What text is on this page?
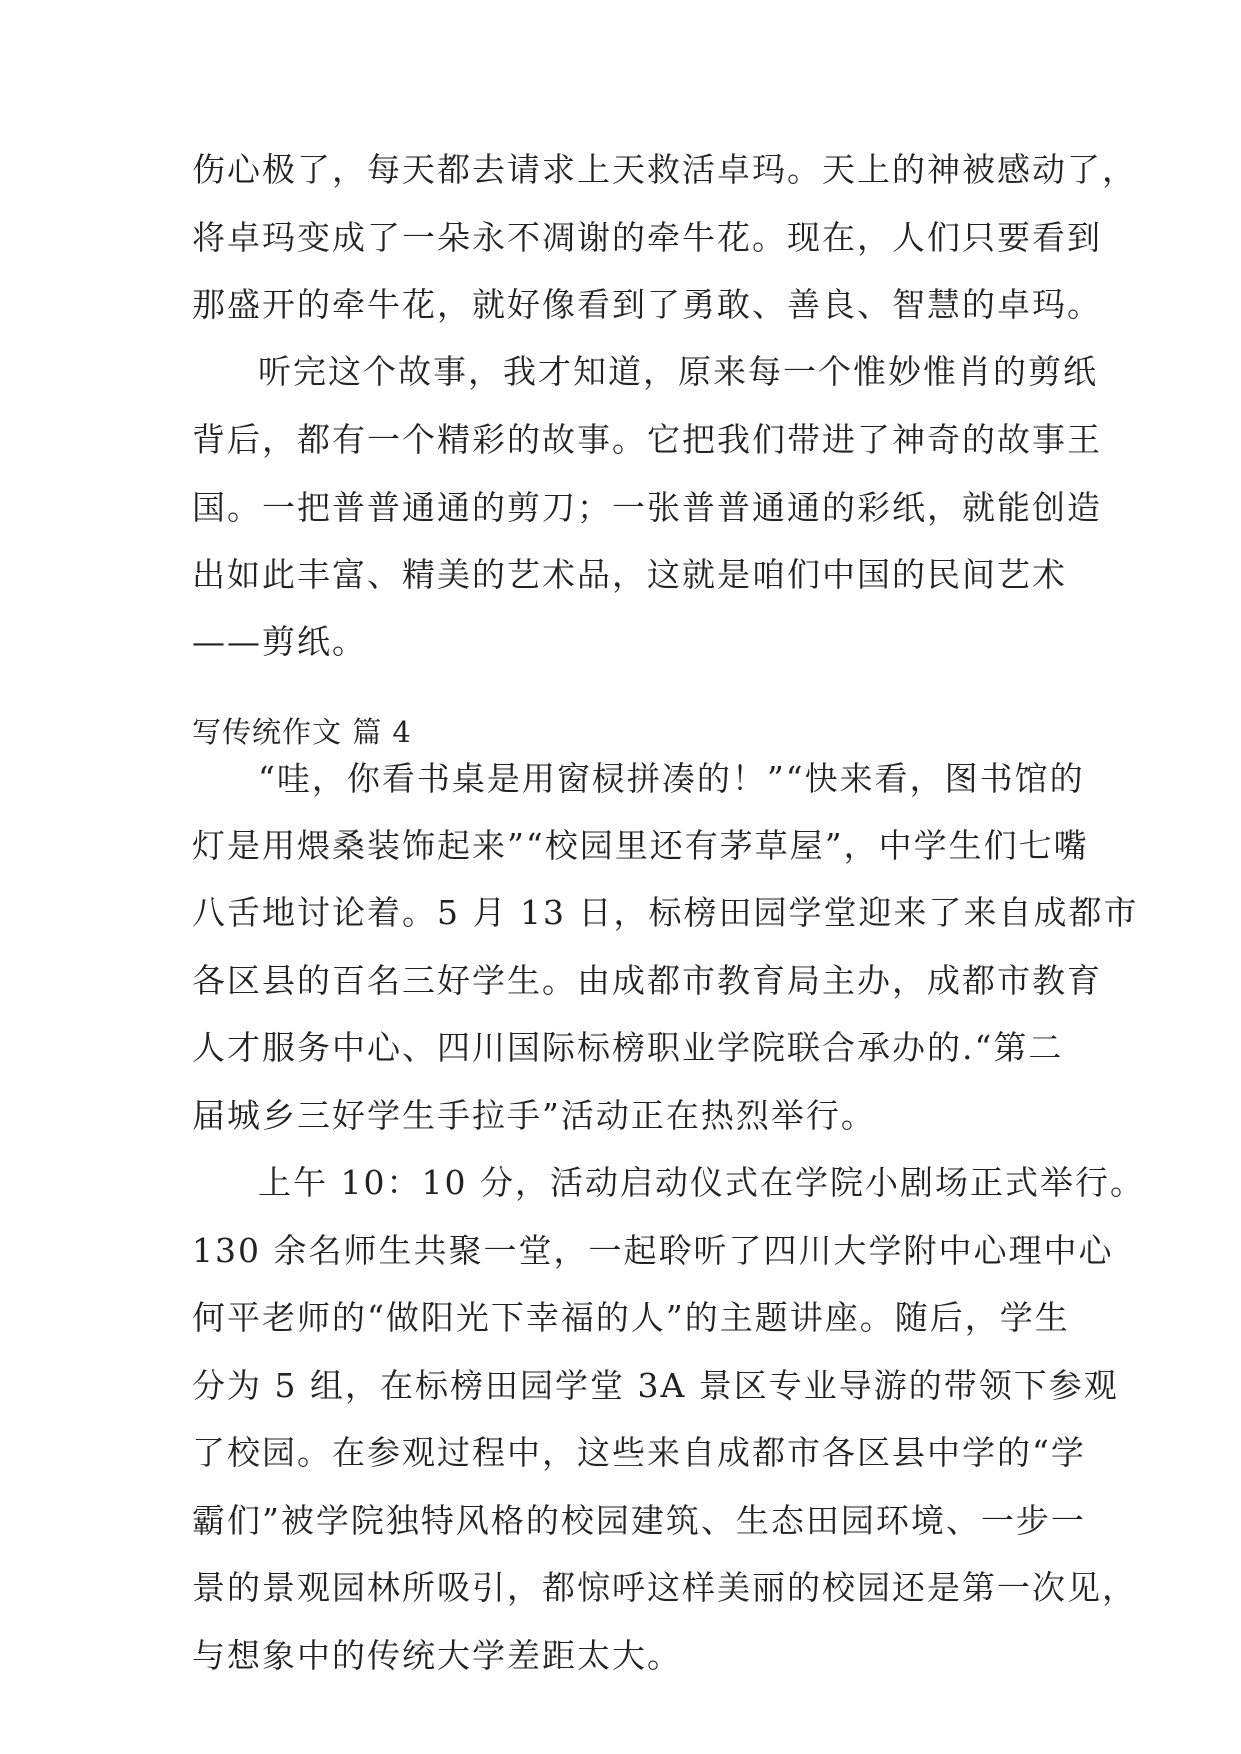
伤心极了，每天都去请求上天救活卓玛。天上的神被感动了，
将卓玛变成了一朵永不凋谢的牵牛花。现在，人们只要看到
那盛开的牵牛花，就好像看到了勇敢、善良、智慧的卓玛。
听完这个故事，我才知道，原来每一个惟妙惟肖的剪纸
背后，都有一个精彩的故事。它把我们带进了神奇的故事王
国。一把普普通通的剪刀；一张普普通通的彩纸，就能创造
出如此丰富、精美的艺术品，这就是咱们中国的民间艺术
——剪纸。
写传统作文 篇 4
“哇，你看书桌是用窗棂拼凑的！”“快来看，图书馆的
灯是用煨桑装饰起来”“校园里还有茅草屋”，中学生们七嘴
八舌地讨论着。5 月 13 日，标榜田园学堂迎来了来自成都市
各区县的百名三好学生。由成都市教育局主办，成都市教育
人才服务中心、四川国际标榜职业学院联合承办的.“第二
届城乡三好学生手拉手”活动正在热烈举行。
上午 10：10 分，活动启动仪式在学院小剧场正式举行。
130 余名师生共聚一堂，一起聆听了四川大学附中心理中心
何平老师的“做阳光下幸福的人”的主题讲座。随后，学生
分为 5 组，在标榜田园学堂 3A 景区专业导游的带领下参观
了校园。在参观过程中，这些来自成都市各区县中学的“学
霸们”被学院独特风格的校园建筑、生态田园环境、一步一
景的景观园林所吸引，都惊呼这样美丽的校园还是第一次见，
与想象中的传统大学差距太大。
